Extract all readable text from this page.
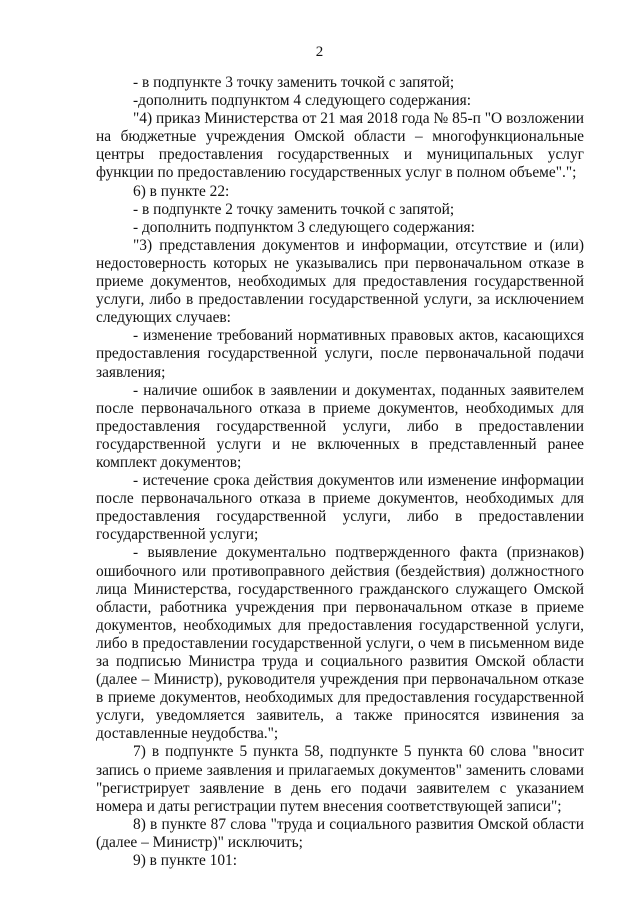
2

- в подпункте 3 точку заменить точкой с запятой;

-дополнить подпунктом 4 следующего содержания:

"4) приказ Министерства от 21 мая 2018 года № 85-п "О возложении на бюджетные учреждения Омской области – многофункциональные центры предоставления государственных и муниципальных услуг функции по предоставлению государственных услуг в полном объеме".";

6) в пункте 22:

- в подпункте 2 точку заменить точкой с запятой;

- дополнить подпунктом 3 следующего содержания:

"3) представления документов и информации, отсутствие и (или) недостоверность которых не указывались при первоначальном отказе в приеме документов, необходимых для предоставления государственной услуги, либо в предоставлении государственной услуги, за исключением следующих случаев:

- изменение требований нормативных правовых актов, касающихся предоставления государственной услуги, после первоначальной подачи заявления;

- наличие ошибок в заявлении и документах, поданных заявителем после первоначального отказа в приеме документов, необходимых для предоставления государственной услуги, либо в предоставлении государственной услуги и не включенных в представленный ранее комплект документов;

- истечение срока действия документов или изменение информации после первоначального отказа в приеме документов, необходимых для предоставления государственной услуги, либо в предоставлении государственной услуги;

- выявление документально подтвержденного факта (признаков) ошибочного или противоправного действия (бездействия) должностного лица Министерства, государственного гражданского служащего Омской области, работника учреждения при первоначальном отказе в приеме документов, необходимых для предоставления государственной услуги, либо в предоставлении государственной услуги, о чем в письменном виде за подписью Министра труда и социального развития Омской области (далее – Министр), руководителя учреждения при первоначальном отказе в приеме документов, необходимых для предоставления государственной услуги, уведомляется заявитель, а также приносятся извинения за доставленные неудобства.";

7) в подпункте 5 пункта 58, подпункте 5 пункта 60 слова "вносит запись о приеме заявления и прилагаемых документов" заменить словами "регистрирует заявление в день его подачи заявителем с указанием номера и даты регистрации путем внесения соответствующей записи";

8) в пункте 87 слова "труда и социального развития Омской области (далее – Министр)" исключить;

9) в пункте 101:
